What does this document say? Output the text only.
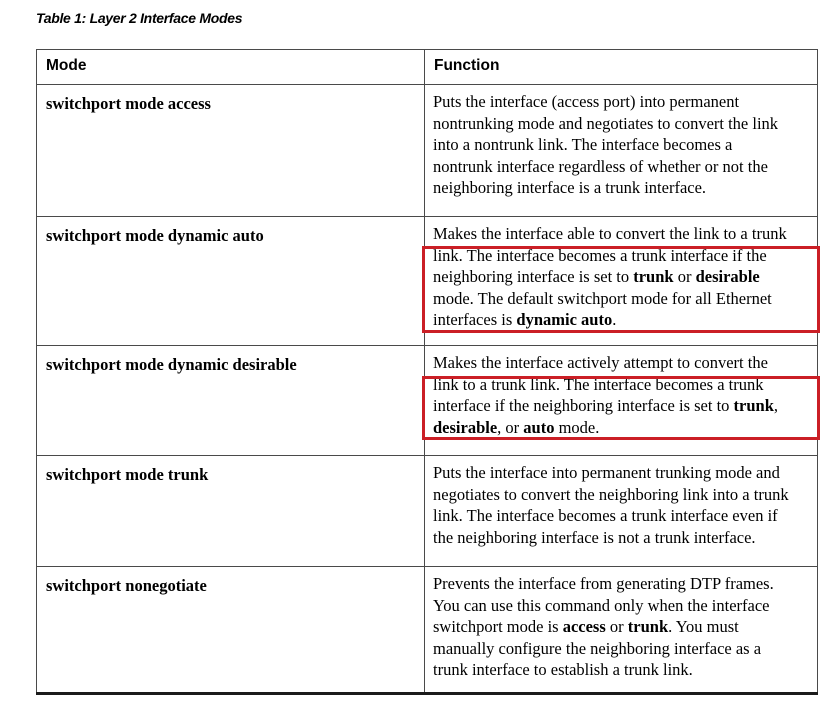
Table 1: Layer 2 Interface Modes
Mode	Function

switchport mode access	Puts the interface (access port) into permanent
nontrunking mode and negotiates to convert the link
into a nontrunk link. The interface becomes a
nontrunk interface regardless of whether or not the
neighboring interface is a trunk interface.

switchport mode dynamic auto	Makes the interface able to convert the link to a trunk
link. The interface becomes a trunk interface if the
neighboring interface is set to trunk or desirable
mode. The default switchport mode for all Ethernet
interfaces is dynamic auto.

switchport mode dynamic desirable	Makes the interface actively attempt to convert the
link to a trunk link. The interface becomes a trunk
interface if the neighboring interface is set to trunk,
desirable, or auto mode.

switchport mode trunk	Puts the interface into permanent trunking mode and
negotiates to convert the neighboring link into a trunk
link. The interface becomes a trunk interface even if
the neighboring interface is not a trunk interface.

switchport nonegotiate	Prevents the interface from generating DTP frames.
You can use this command only when the interface
switchport mode is access or trunk. You must
manually configure the neighboring interface as a
trunk interface to establish a trunk link.
